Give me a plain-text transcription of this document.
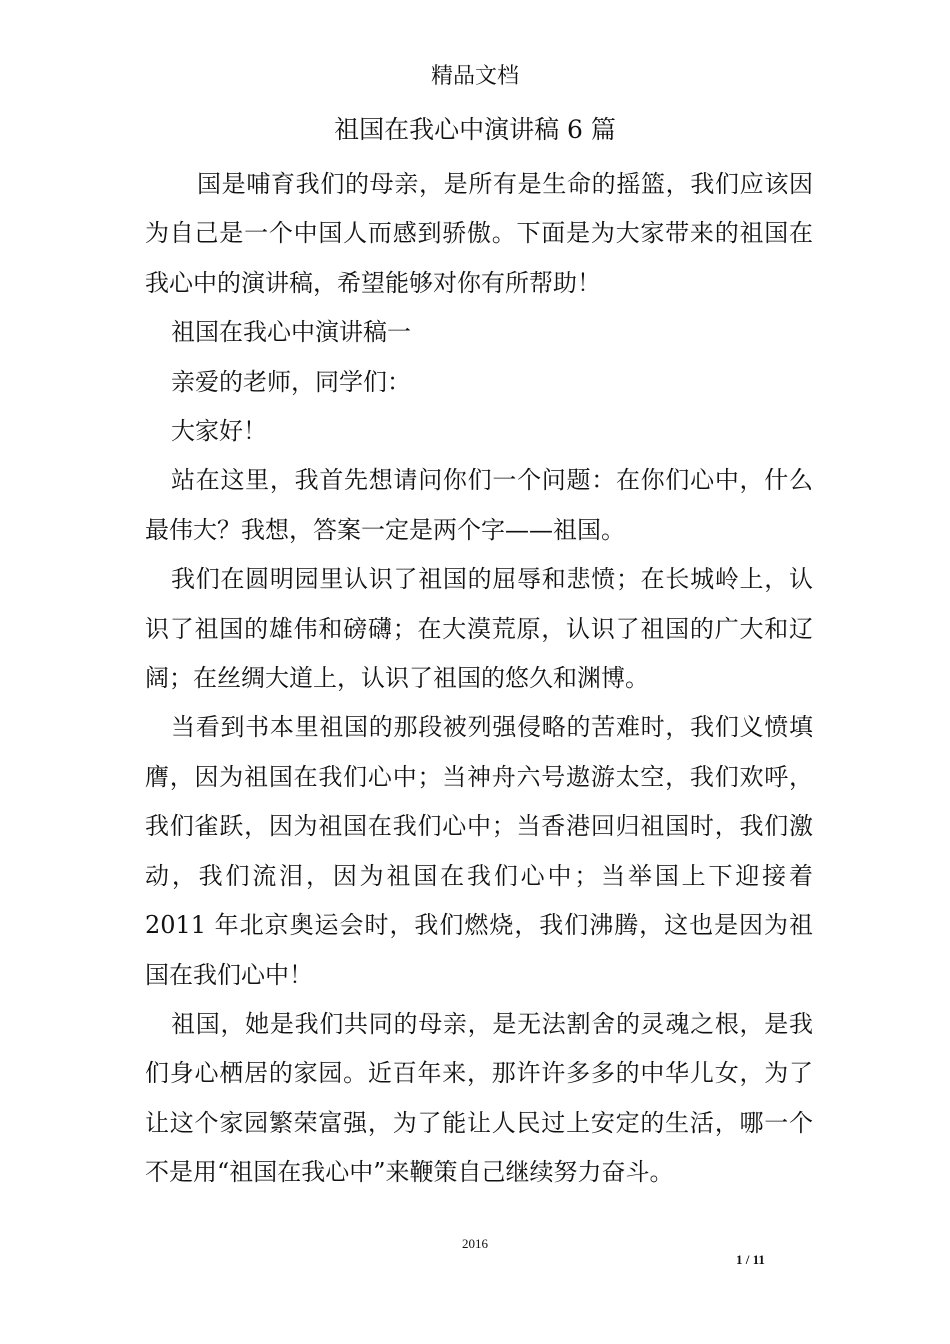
精品文档
祖国在我心中演讲稿 6 篇

国是哺育我们的母亲，是所有是生命的摇篮，我们应该因为自己是一个中国人而感到骄傲。下面是为大家带来的祖国在我心中的演讲稿，希望能够对你有所帮助！

祖国在我心中演讲稿一

亲爱的老师，同学们：

大家好！

站在这里，我首先想请问你们一个问题：在你们心中，什么最伟大？我想，答案一定是两个字——祖国。

我们在圆明园里认识了祖国的屈辱和悲愤；在长城岭上，认识了祖国的雄伟和磅礴；在大漠荒原，认识了祖国的广大和辽阔；在丝绸大道上，认识了祖国的悠久和渊博。

当看到书本里祖国的那段被列强侵略的苦难时，我们义愤填膺，因为祖国在我们心中；当神舟六号遨游太空，我们欢呼，我们雀跃，因为祖国在我们心中；当香港回归祖国时，我们激动，我们流泪，因为祖国在我们心中；当举国上下迎接着 2011 年北京奥运会时，我们燃烧，我们沸腾，这也是因为祖国在我们心中！

祖国，她是我们共同的母亲，是无法割舍的灵魂之根，是我们身心栖居的家园。近百年来，那许许多多的中华儿女，为了让这个家园繁荣富强，为了能让人民过上安定的生活，哪一个不是用“祖国在我心中”来鞭策自己继续努力奋斗。

2016
1 / 11
